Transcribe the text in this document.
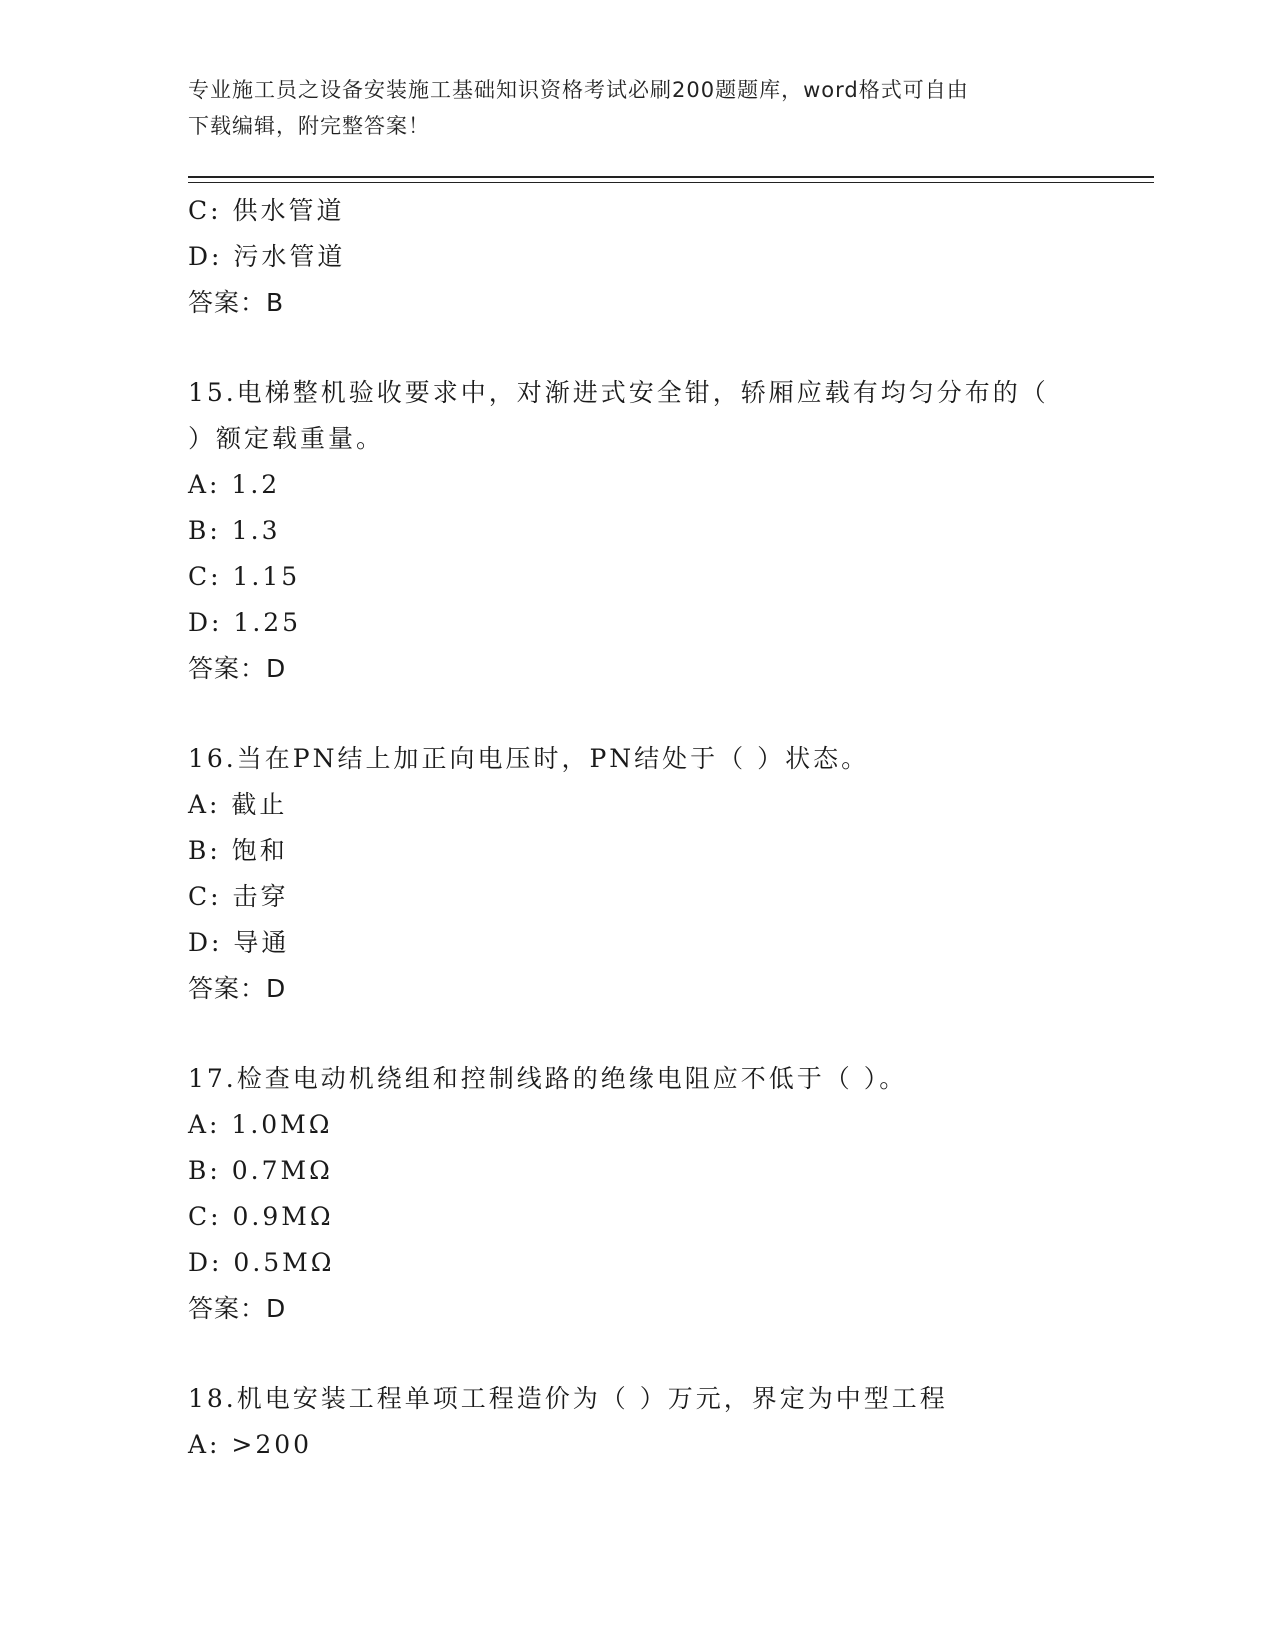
专业施工员之设备安装施工基础知识资格考试必刷200题题库，word格式可自由
下载编辑，附完整答案！
C: 供水管道
D: 污水管道
答案：B
15.电梯整机验收要求中，对渐进式安全钳，轿厢应载有均匀分布的（
）额定载重量。
A: 1.2
B: 1.3
C: 1.15
D: 1.25
答案：D
16.当在PN结上加正向电压时，PN结处于（ ）状态。
A: 截止
B: 饱和
C: 击穿
D: 导通
答案：D
17.检查电动机绕组和控制线路的绝缘电阻应不低于（ ）。
A: 1.0MΩ
B: 0.7MΩ
C: 0.9MΩ
D: 0.5MΩ
答案：D
18.机电安装工程单项工程造价为（ ）万元，界定为中型工程
A: >200
